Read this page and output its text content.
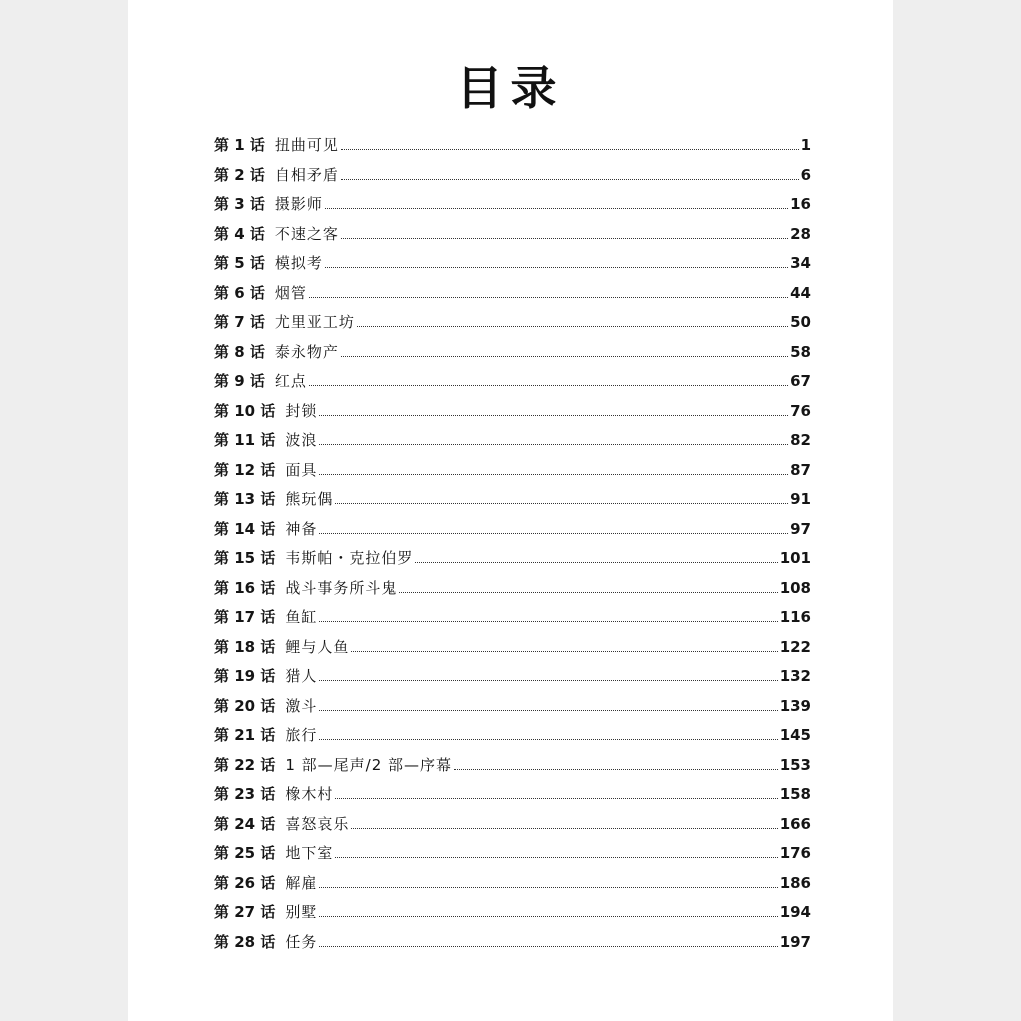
目录
第 1 话 扭曲可见	1
第 2 话 自相矛盾	6
第 3 话 摄影师	16
第 4 话 不速之客	28
第 5 话 模拟考	34
第 6 话 烟管	44
第 7 话 尤里亚工坊	50
第 8 话 泰永物产	58
第 9 话 红点	67
第 10 话 封锁	76
第 11 话 波浪	82
第 12 话 面具	87
第 13 话 熊玩偶	91
第 14 话 神备	97
第 15 话 韦斯帕・克拉伯罗	101
第 16 话 战斗事务所斗鬼	108
第 17 话 鱼缸	116
第 18 话 鲤与人鱼	122
第 19 话 猎人	132
第 20 话 激斗	139
第 21 话 旅行	145
第 22 话 1 部—尾声/2 部—序幕	153
第 23 话 橡木村	158
第 24 话 喜怒哀乐	166
第 25 话 地下室	176
第 26 话 解雇	186
第 27 话 别墅	194
第 28 话 任务	197
